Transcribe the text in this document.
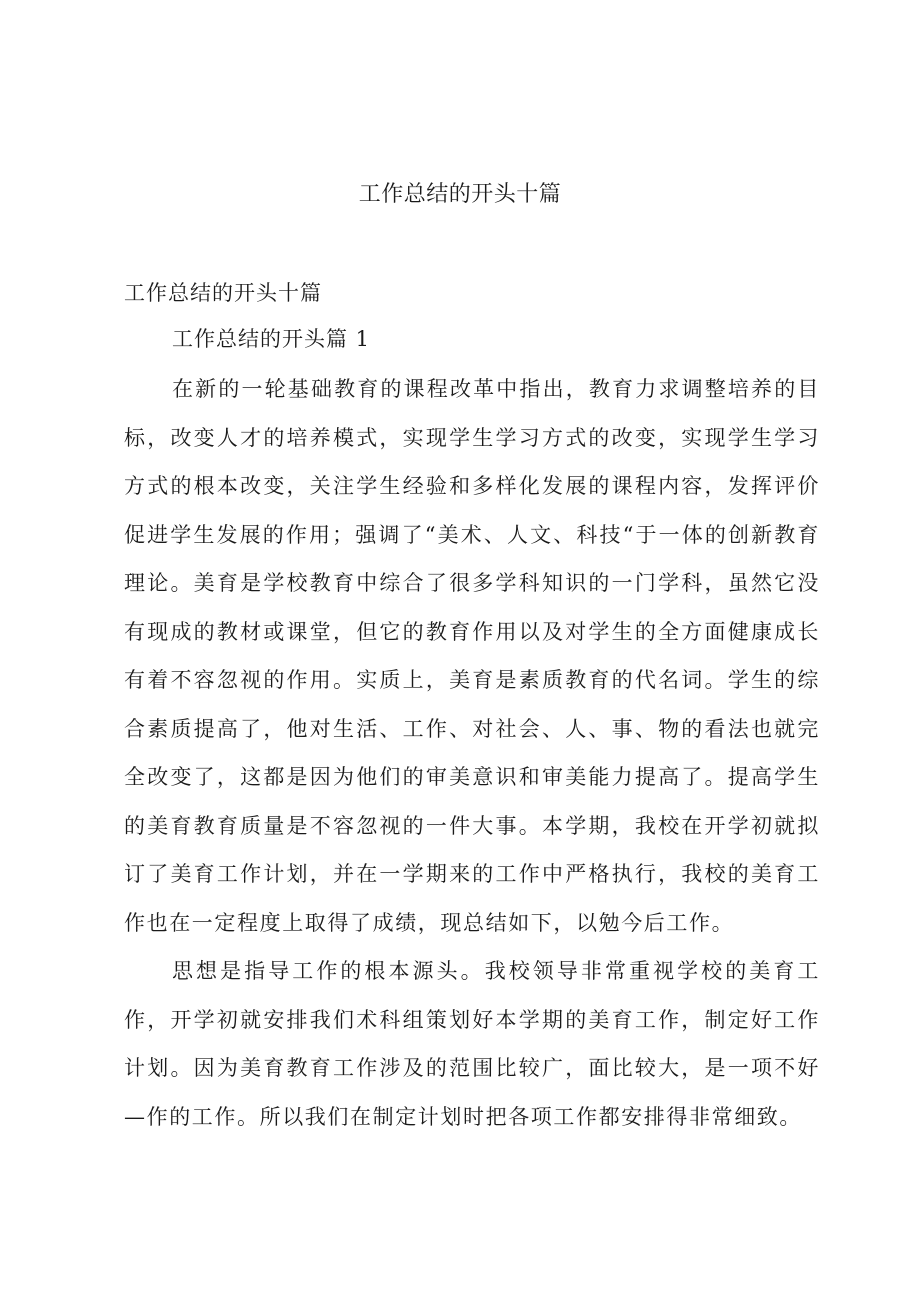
工作总结的开头十篇

工作总结的开头十篇

工作总结的开头篇 1

在新的一轮基础教育的课程改革中指出，教育力求调整培养的目标，改变人才的培养模式，实现学生学习方式的改变，实现学生学习方式的根本改变，关注学生经验和多样化发展的课程内容，发挥评价促进学生发展的作用；强调了“美术、人文、科技“于一体的创新教育理论。美育是学校教育中综合了很多学科知识的一门学科，虽然它没有现成的教材或课堂，但它的教育作用以及对学生的全方面健康成长有着不容忽视的作用。实质上，美育是素质教育的代名词。学生的综合素质提高了，他对生活、工作、对社会、人、事、物的看法也就完全改变了，这都是因为他们的审美意识和审美能力提高了。提高学生的美育教育质量是不容忽视的一件大事。本学期，我校在开学初就拟订了美育工作计划，并在一学期来的工作中严格执行，我校的美育工作也在一定程度上取得了成绩，现总结如下，以勉今后工作。

思想是指导工作的根本源头。我校领导非常重视学校的美育工作，开学初就安排我们术科组策划好本学期的美育工作，制定好工作计划。因为美育教育工作涉及的范围比较广，面比较大，是一项不好—作的工作。所以我们在制定计划时把各项工作都安排得非常细致。
